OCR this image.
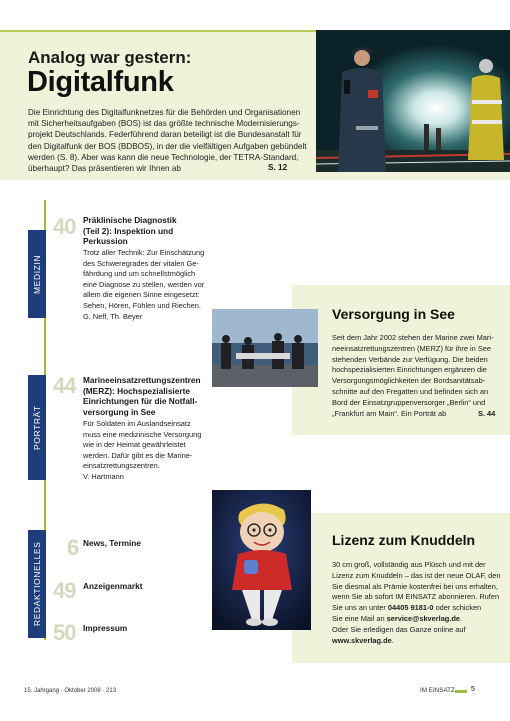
Analog war gestern:
Digitalfunk
Die Einrichtung des Digitalfunknetzes für die Behörden und Organisationen
mit Sicherheitsaufgaben (BOS) ist das größte technische Modernisierungs-
projekt Deutschlands. Federführend daran beteiligt ist die Bundesanstalt für
den Digitalfunk der BOS (BDBOS), in der die vielfältigen Aufgaben gebündelt
werden (S. 8). Aber was kann die neue Technologie, der TETRA-Standard,
überhaupt? Das präsentieren wir Ihnen ab	S. 12
MEDIZIN
PORTRÄT
REDAKTIONELLES
40 Präklinische Diagnostik
(Teil 2): Inspektion und
Perkussion
Trotz aller Technik: Zur Einschätzung
des Schweregrades der vitalen Ge-
fährdung und um schnellstmöglich
eine Diagnose zu stellen, werden vor
allem die eigenen Sinne eingesetzt:
Sehen, Hören, Fühlen und Riechen.
G. Neff, Th. Beyer	Versorgung in See
Seit dem Jahr 2002 stehen der Marine zwei Mari-
neeinsatzrettungszentren (MERZ) für ihre in See
stehenden Verbände zur Verfügung. Die beiden
hochspezialisierten Einrichtungen ergänzen die
Versorgungsmöglichkeiten der Bordsanitätsab-
schnitte auf den Fregatten und befinden sich an
Bord der Einsatzgruppenversorger „Berlin“ und
„Frankfurt am Main“. Ein Porträt ab	S. 44
44 Marineeinsatzrettungszentren
(MERZ): Hochspezialisierte
Einrichtungen für die Notfall-
versorgung in See
Für Soldaten im Auslandseinsatz
muss eine medizinische Versorgung
wie in der Heimat gewährleistet
werden. Dafür gibt es die Marine-
einsatzrettungszentren.
V. Hartmann
Lizenz zum Knuddeln
30 cm groß, vollständig aus Plüsch und mit der
Lizenz zum Knuddeln – das ist der neue OLAF, den
Sie diesmal als Prämie kostenfrei bei uns erhalten,
wenn Sie ab sofort IM EINSATZ abonnieren. Rufen
Sie uns an unter 04405 9181-0 oder schicken
Sie eine Mail an service@skverlag.de.
Oder Sie erledigen das Ganze online auf
www.skverlag.de.
6 News, Termine
49 Anzeigenmarkt
50 Impressum
15. Jahrgang · Oktober 2008 · 213	IM EINSATZ 5
